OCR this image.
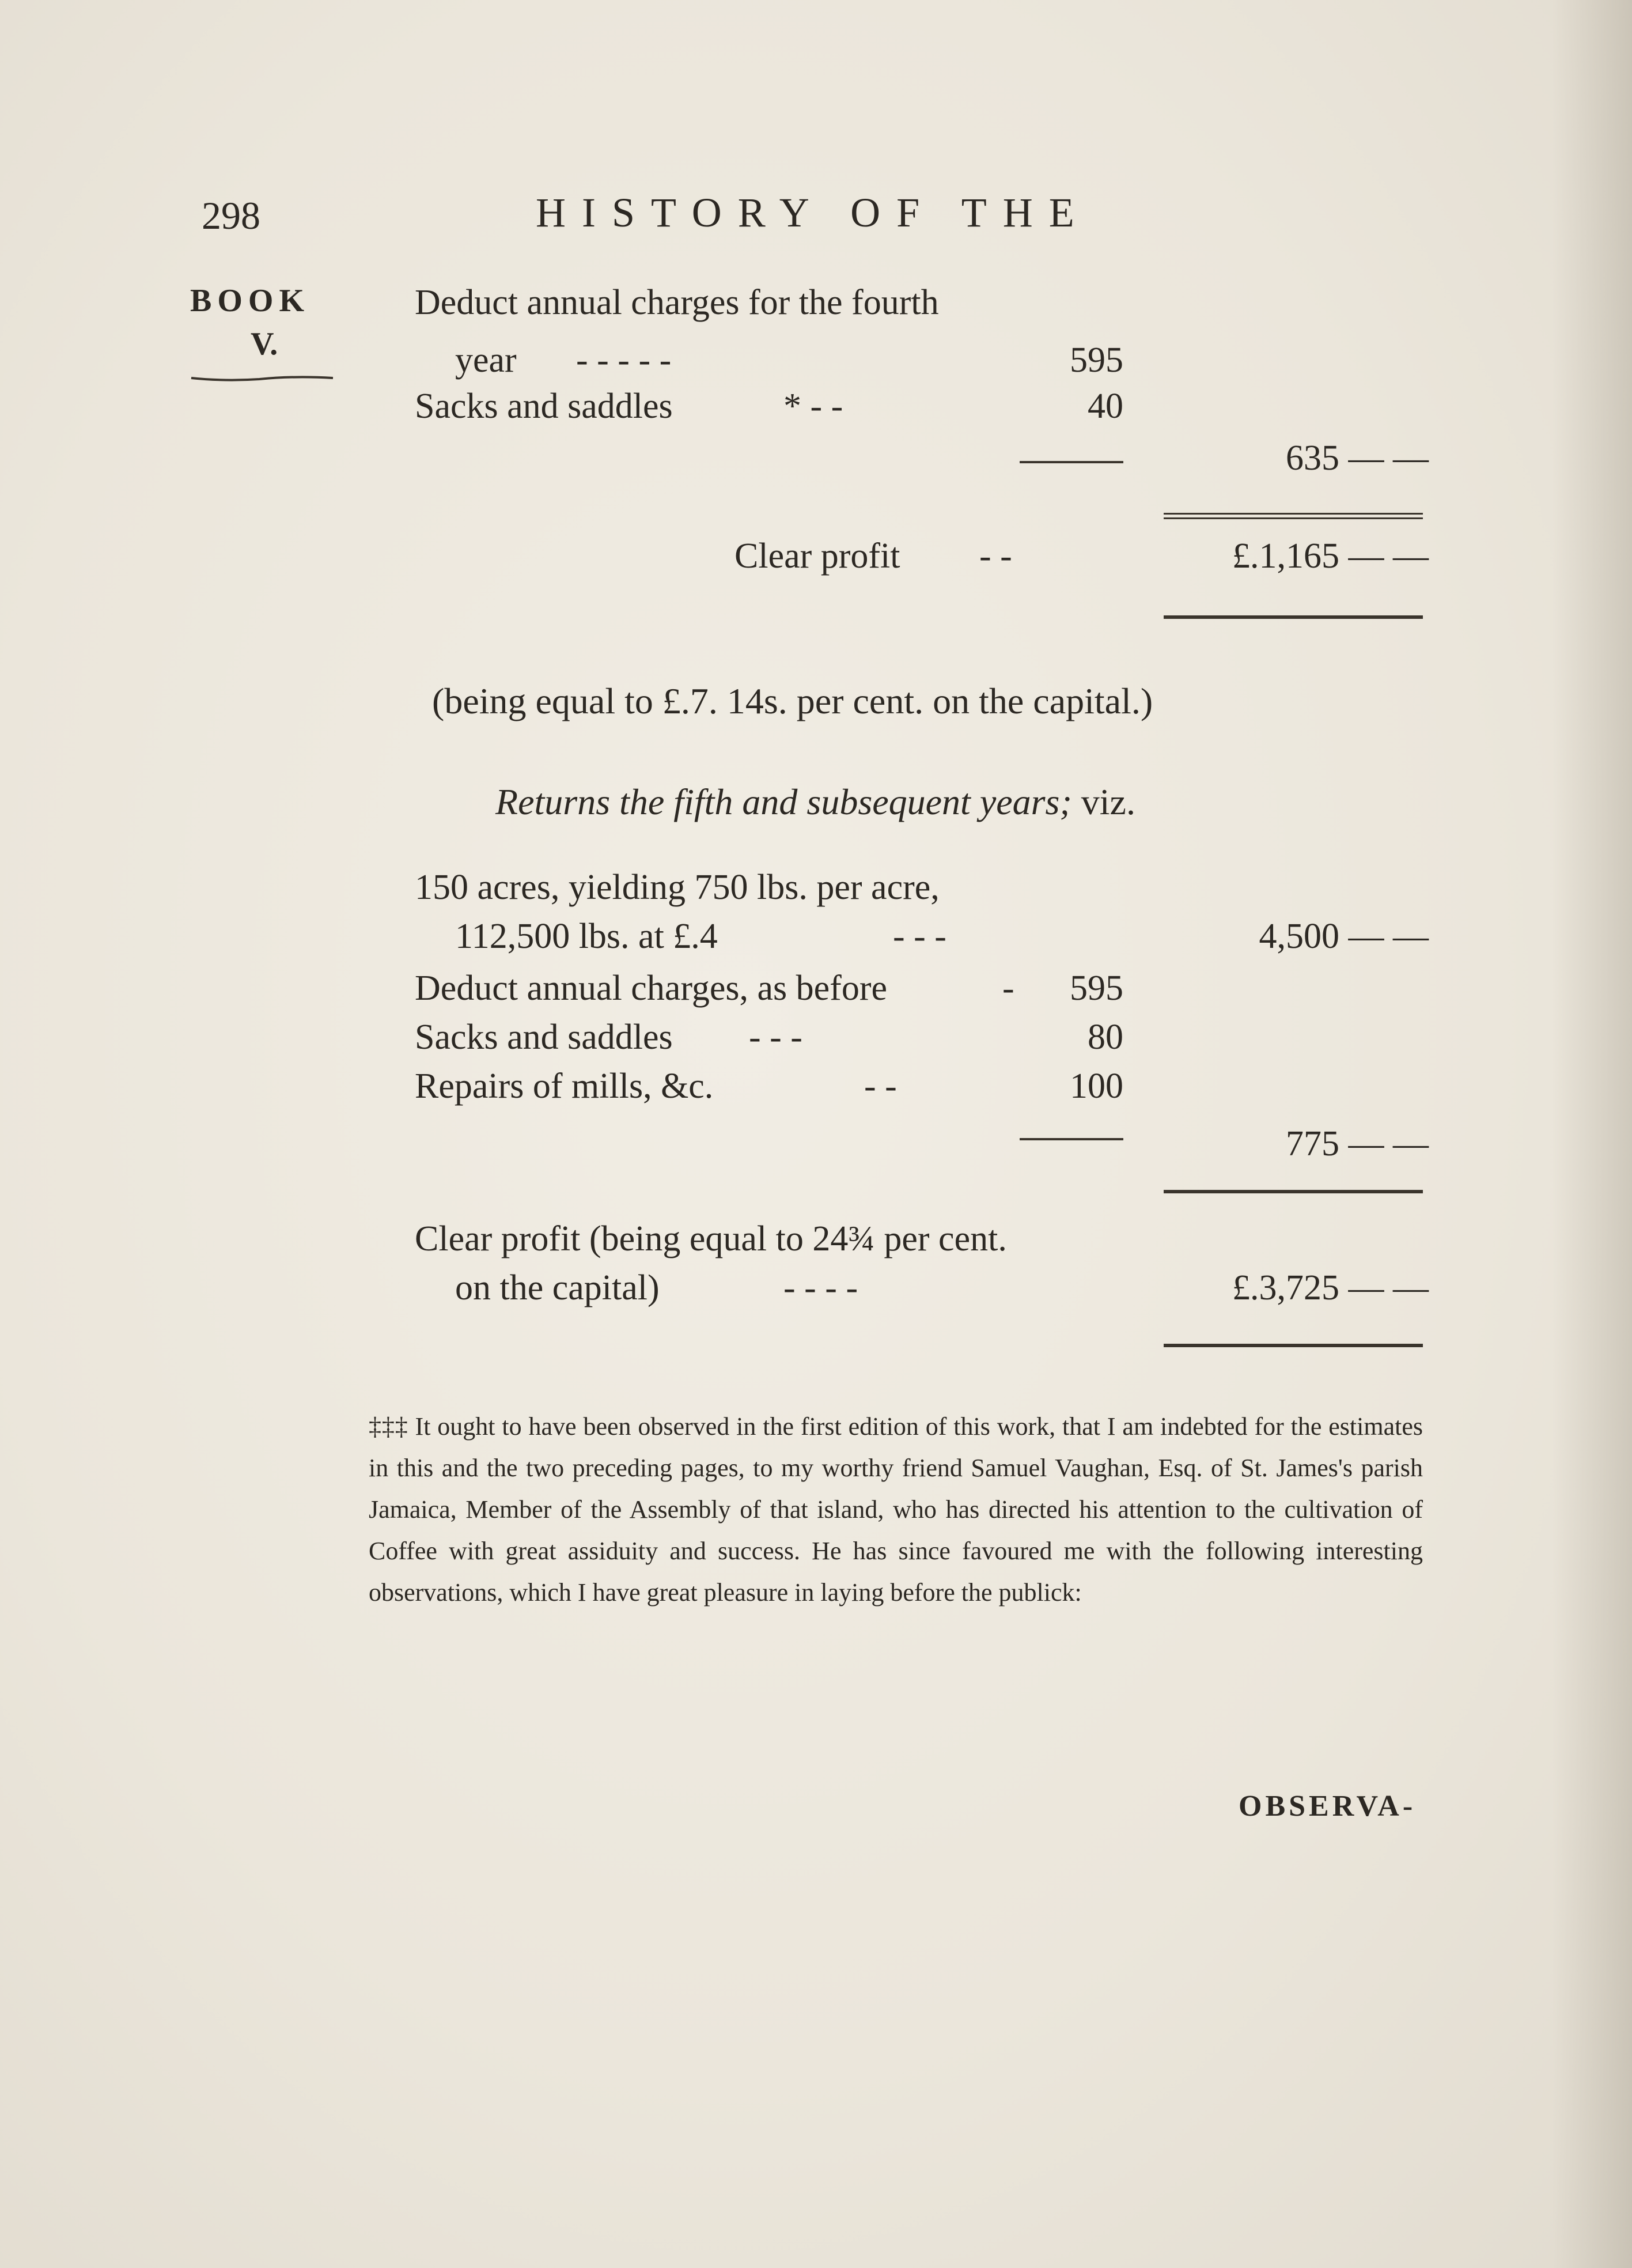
298	HISTORY OF THE
BOOK
V.
Deduct annual charges for the fourth
year - - - - -	595
Sacks and saddles	* - -	40
635 — —
Clear profit - -	£.1,165 — —
(being equal to £.7. 14s. per cent. on the capital.)
Returns the fifth and subsequent years; viz.
150 acres, yielding 750 lbs. per acre,
112,500 lbs. at £.4	- - -	4,500 — —
Deduct annual charges, as before	-	595
Sacks and saddles - - -	80
Repairs of mills, &c.	- -	100
775 — —
Clear profit (being equal to 24¾ per cent.
on the capital)	- - - -	£.3,725 — —
‡‡‡ It ought to have been observed in the first edition of this work, that I am indebted for the estimates in this and the two preceding pages, to my worthy friend Samuel Vaughan, Esq. of St. James's parish Jamaica, Member of the Assembly of that island, who has directed his attention to the cultivation of Coffee with great assiduity and success. He has since favoured me with the following interesting observations, which I have great pleasure in laying before the publick:
OBSERVA-
